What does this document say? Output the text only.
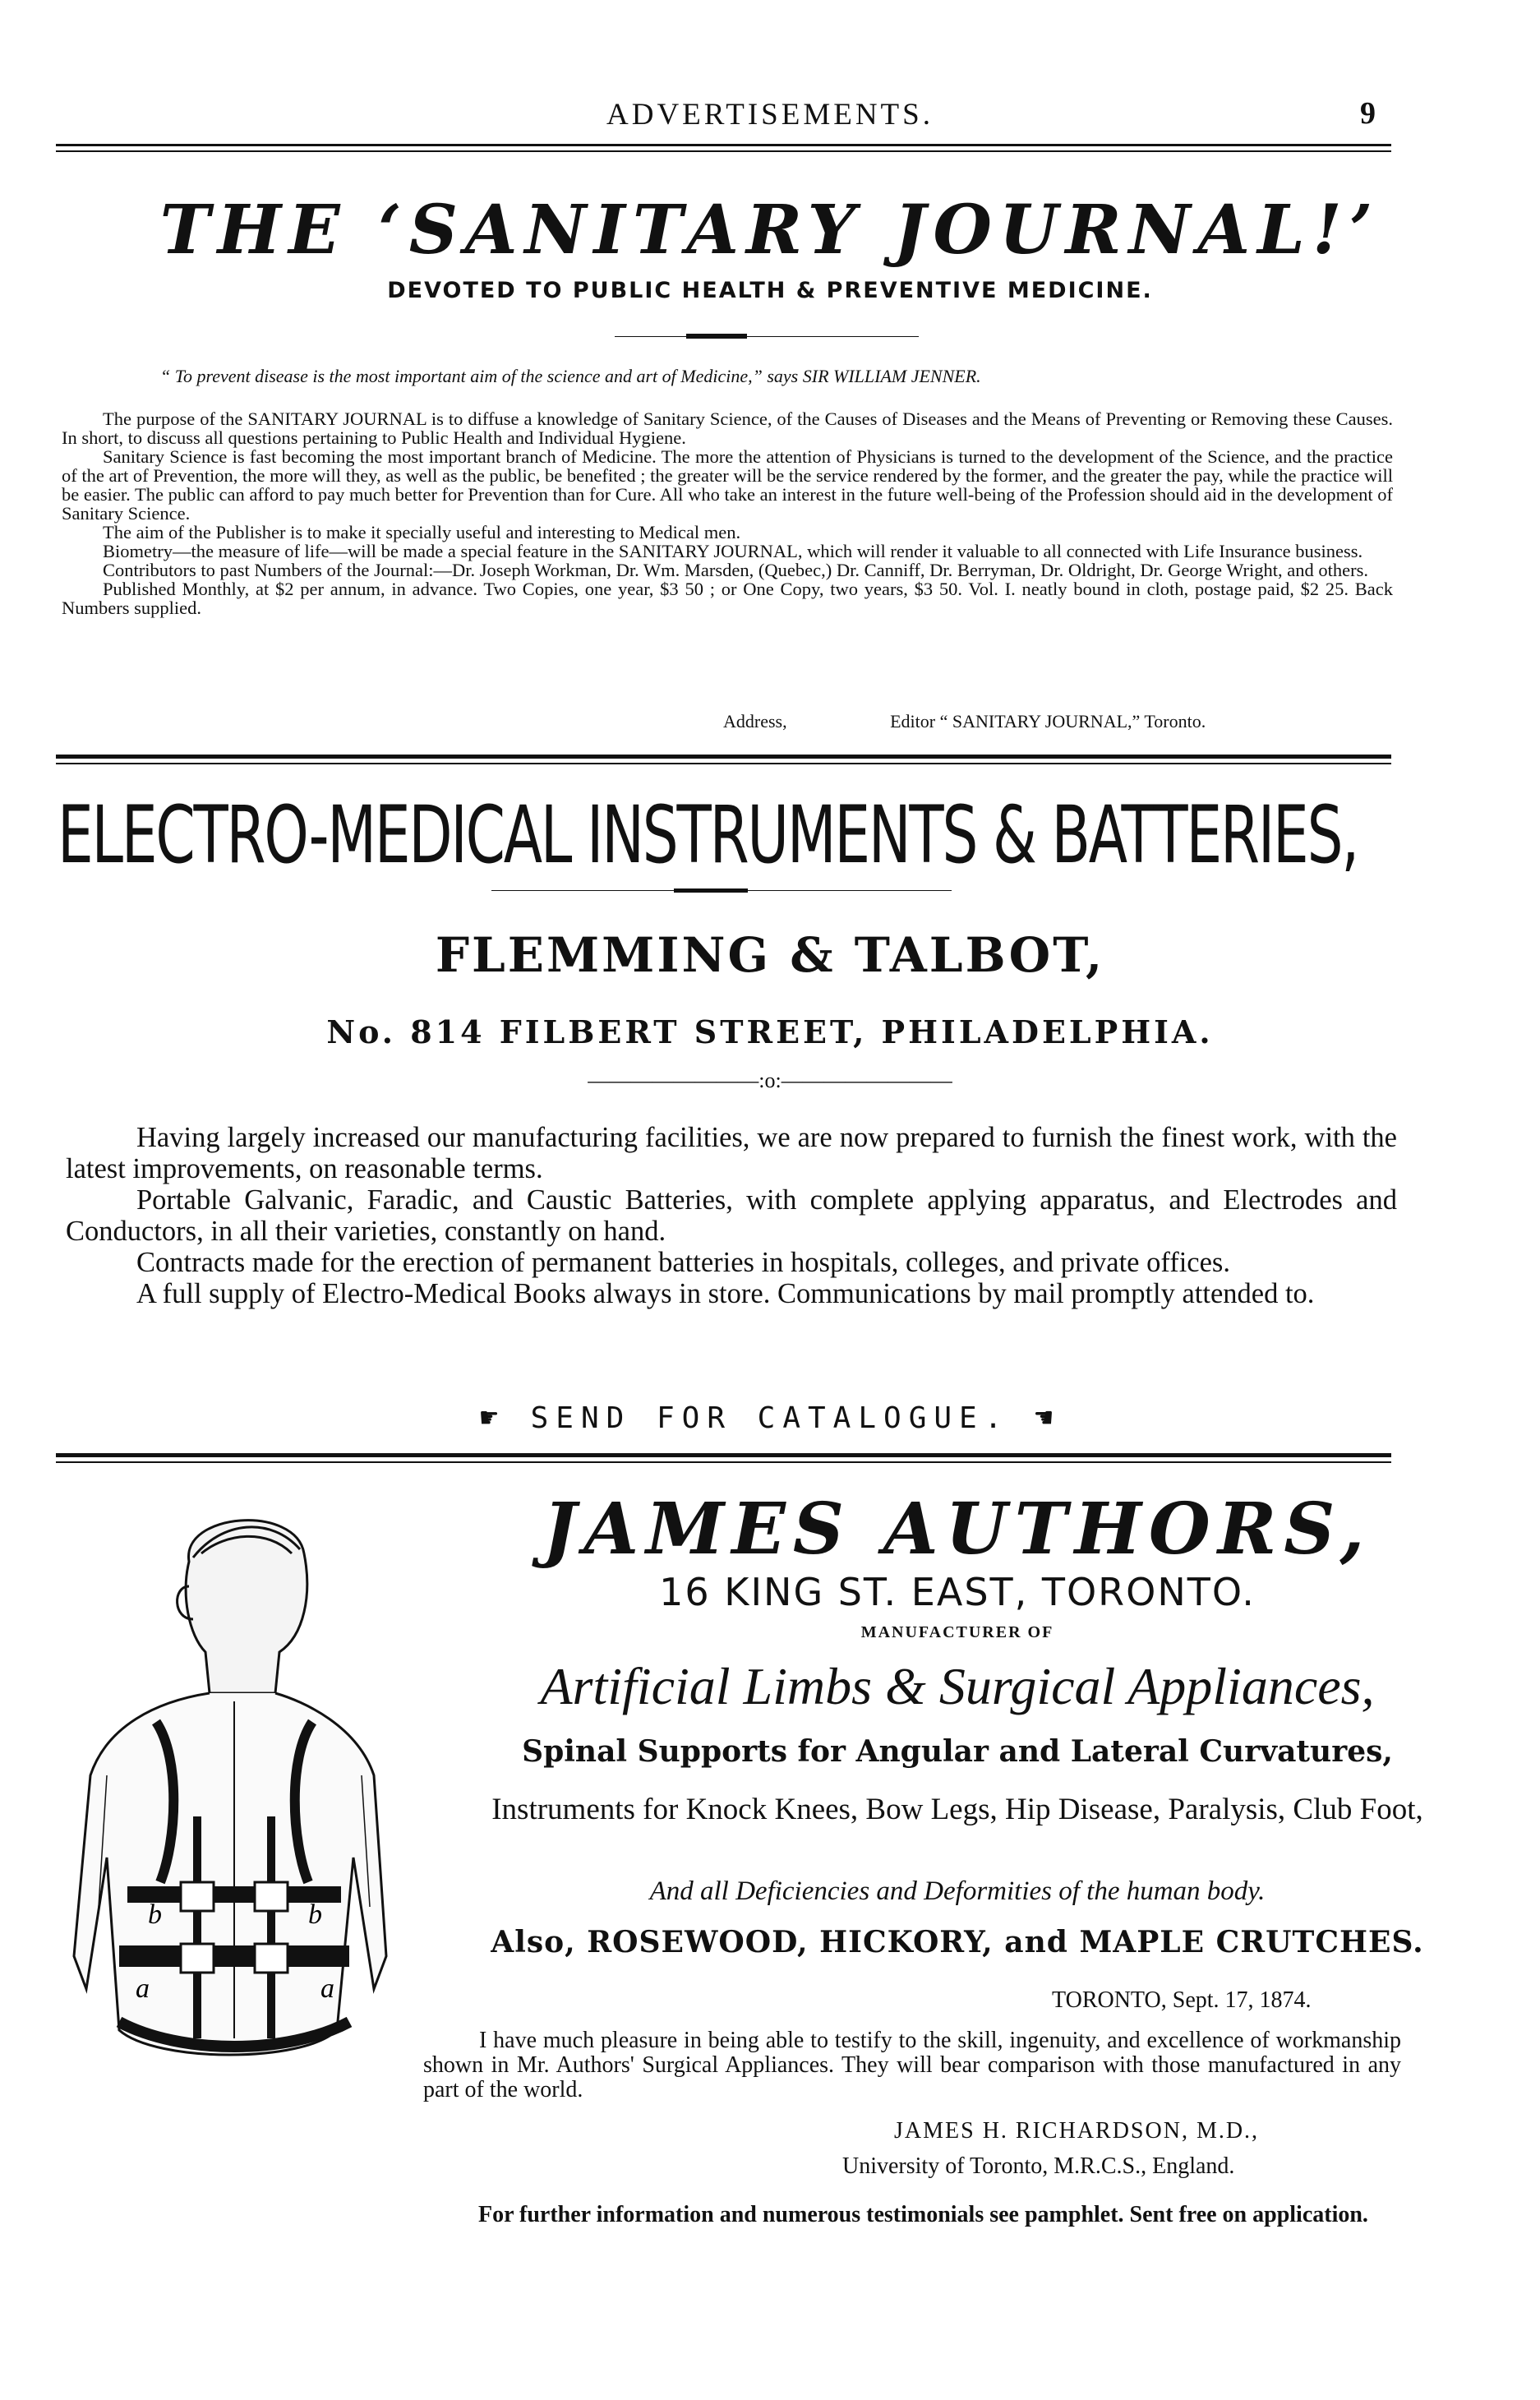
ADVERTISEMENTS.	9
THE ‘SANITARY JOURNAL!’
DEVOTED TO PUBLIC HEALTH & PREVENTIVE MEDICINE.
“ To prevent disease is the most important aim of the science and art of Medicine,” says SIR WILLIAM JENNER.

The purpose of the SANITARY JOURNAL is to diffuse a knowledge of Sanitary Science, of the Causes of Diseases and the Means of Preventing or Removing these Causes. In short, to discuss all questions pertaining to Public Health and Individual Hygiene.

Sanitary Science is fast becoming the most important branch of Medicine. The more the attention of Physicians is turned to the development of the Science, and the practice of the art of Prevention, the more will they, as well as the public, be benefited ; the greater will be the service rendered by the former, and the greater the pay, while the practice will be easier. The public can afford to pay much better for Prevention than for Cure. All who take an interest in the future well-being of the Profession should aid in the development of Sanitary Science.

The aim of the Publisher is to make it specially useful and interesting to Medical men.

Biometry—the measure of life—will be made a special feature in the SANITARY JOURNAL, which will render it valuable to all connected with Life Insurance business.

Contributors to past Numbers of the Journal:—Dr. Joseph Workman, Dr. Wm. Marsden, (Quebec,) Dr. Canniff, Dr. Berryman, Dr. Oldright, Dr. George Wright, and others.

Published Monthly, at $2 per annum, in advance. Two Copies, one year, $3 50 ; or One Copy, two years, $3 50. Vol. I. neatly bound in cloth, postage paid, $2 25. Back Numbers supplied.

Address,	Editor “ SANITARY JOURNAL,” Toronto.
ELECTRO-MEDICAL INSTRUMENTS & BATTERIES,
FLEMMING & TALBOT,
No. 814 FILBERT STREET, PHILADELPHIA.
————————:o:————————

Having largely increased our manufacturing facilities, we are now prepared to furnish the finest work, with the latest improvements, on reasonable terms.

Portable Galvanic, Faradic, and Caustic Batteries, with complete applying apparatus, and Electrodes and Conductors, in all their varieties, constantly on hand.

Contracts made for the erection of permanent batteries in hospitals, colleges, and private offices.

A full supply of Electro-Medical Books always in store. Communications by mail promptly attended to.

☛ SEND FOR CATALOGUE. ☚
b	b
a	a
JAMES AUTHORS,
16 KING ST. EAST, TORONTO.
MANUFACTURER OF
Artificial Limbs & Surgical Appliances,
Spinal Supports for Angular and Lateral Curvatures,
Instruments for Knock Knees, Bow Legs, Hip Disease, Paralysis, Club Foot,
And all Deficiencies and Deformities of the human body.
Also, ROSEWOOD, HICKORY, and MAPLE CRUTCHES.
TORONTO, Sept. 17, 1874.

I have much pleasure in being able to testify to the skill, ingenuity, and excellence of workmanship shown in Mr. Authors' Surgical Appliances. They will bear comparison with those manufactured in any part of the world.

JAMES H. RICHARDSON, M.D.,
University of Toronto, M.R.C.S., England.

For further information and numerous testimonials see pamphlet. Sent free on application.
